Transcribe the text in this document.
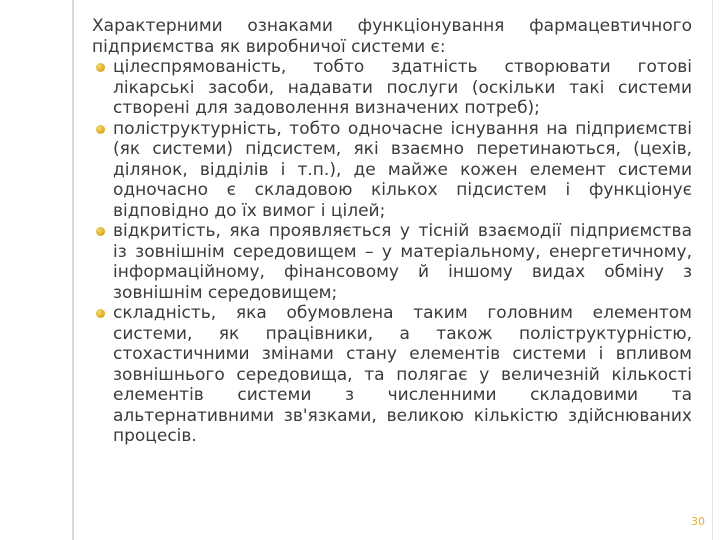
Характерними ознаками функціонування фармацевтичного підприємства як виробничої системи є:

цілеспрямованість, тобто здатність створювати готові лікарські засоби, надавати послуги (оскільки такі системи створені для задоволення визначених потреб);
поліструктурність, тобто одночасне існування на підприємстві (як системи) підсистем, які взаємно перетинаються, (цехів, ділянок, відділів і т.п.), де майже кожен елемент системи одночасно є складовою кількох підсистем і функціонує відповідно до їх вимог і цілей;
відкритість, яка проявляється у тісній взаємодії підприємства із зовнішнім середовищем – у матеріальному, енергетичному, інформаційному, фінансовому й іншому видах обміну з зовнішнім середовищем;
складність, яка обумовлена таким головним елементом системи, як працівники, а також поліструктурністю, стохастичними змінами стану елементів системи і впливом зовнішнього середовища, та полягає у величезній кількості елементів системи з численними складовими та альтернативними зв'язками, великою кількістю здійснюваних процесів.
30
